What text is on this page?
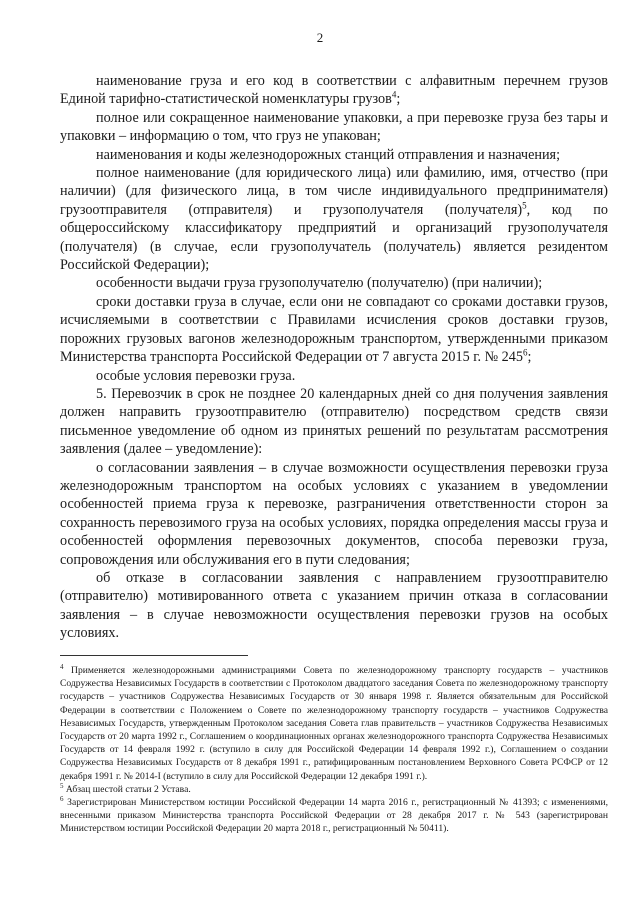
2

наименование груза и его код в соответствии с алфавитным перечнем грузов Единой тарифно-статистической номенклатуры грузов$^4$;

полное или сокращенное наименование упаковки, а при перевозке груза без тары и упаковки – информацию о том, что груз не упакован;

наименования и коды железнодорожных станций отправления и назначения;

полное наименование (для юридического лица) или фамилию, имя, отчество (при наличии) (для физического лица, в том числе индивидуального предпринимателя) грузоотправителя (отправителя) и грузополучателя (получателя)$^5$, код по общероссийскому классификатору предприятий и организаций грузополучателя (получателя) (в случае, если грузополучатель (получатель) является резидентом Российской Федерации);

особенности выдачи груза грузополучателю (получателю) (при наличии);

сроки доставки груза в случае, если они не совпадают со сроками доставки грузов, исчисляемыми в соответствии с Правилами исчисления сроков доставки грузов, порожних грузовых вагонов железнодорожным транспортом, утвержденными приказом Министерства транспорта Российской Федерации от 7 августа 2015 г. № $245^6$;

особые условия перевозки груза.

5. Перевозчик в срок не позднее 20 календарных дней со дня получения заявления должен направить грузоотправителю (отправителю) посредством средств связи письменное уведомление об одном из принятых решений по результатам рассмотрения заявления (далее – уведомление):

о согласовании заявления – в случае возможности осуществления перевозки груза железнодорожным транспортом на особых условиях с указанием в уведомлении особенностей приема груза к перевозке, разграничения ответственности сторон за сохранность перевозимого груза на особых условиях, порядка определения массы груза и особенностей оформления перевозочных документов, способа перевозки груза, сопровождения или обслуживания его в пути следования;

об отказе в согласовании заявления с направлением грузоотправителю (отправителю) мотивированного ответа с указанием причин отказа в согласовании заявления – в случае невозможности осуществления перевозки грузов на особых условиях.

$^4$ Применяется железнодорожными администрациями Совета по железнодорожному транспорту государств – участников Содружества Независимых Государств в соответствии с Протоколом двадцатого заседания Совета по железнодорожному транспорту государств – участников Содружества Независимых Государств от 30 января 1998 г. Является обязательным для Российской Федерации в соответствии с Положением о Совете по железнодорожному транспорту государств – участников Содружества Независимых Государств, утвержденным Протоколом заседания Совета глав правительств – участников Содружества Независимых Государств от 20 марта 1992 г., Соглашением о координационных органах железнодорожного транспорта Содружества Независимых Государств от 14 февраля 1992 г. (вступило в силу для Российской Федерации 14 февраля 1992 г.), Соглашением о создании Содружества Независимых Государств от 8 декабря 1991 г., ратифицированным постановлением Верховного Совета РСФСР от 12 декабря 1991 г. № 2014-I (вступило в силу для Российской Федерации 12 декабря 1991 г.).

$^5$ Абзац шестой статьи 2 Устава.

$^6$ Зарегистрирован Министерством юстиции Российской Федерации 14 марта 2016 г., регистрационный № 41393; с изменениями, внесенными приказом Министерства транспорта Российской Федерации от 28 декабря 2017 г. № 543 (зарегистрирован Министерством юстиции Российской Федерации 20 марта 2018 г., регистрационный № 50411).
